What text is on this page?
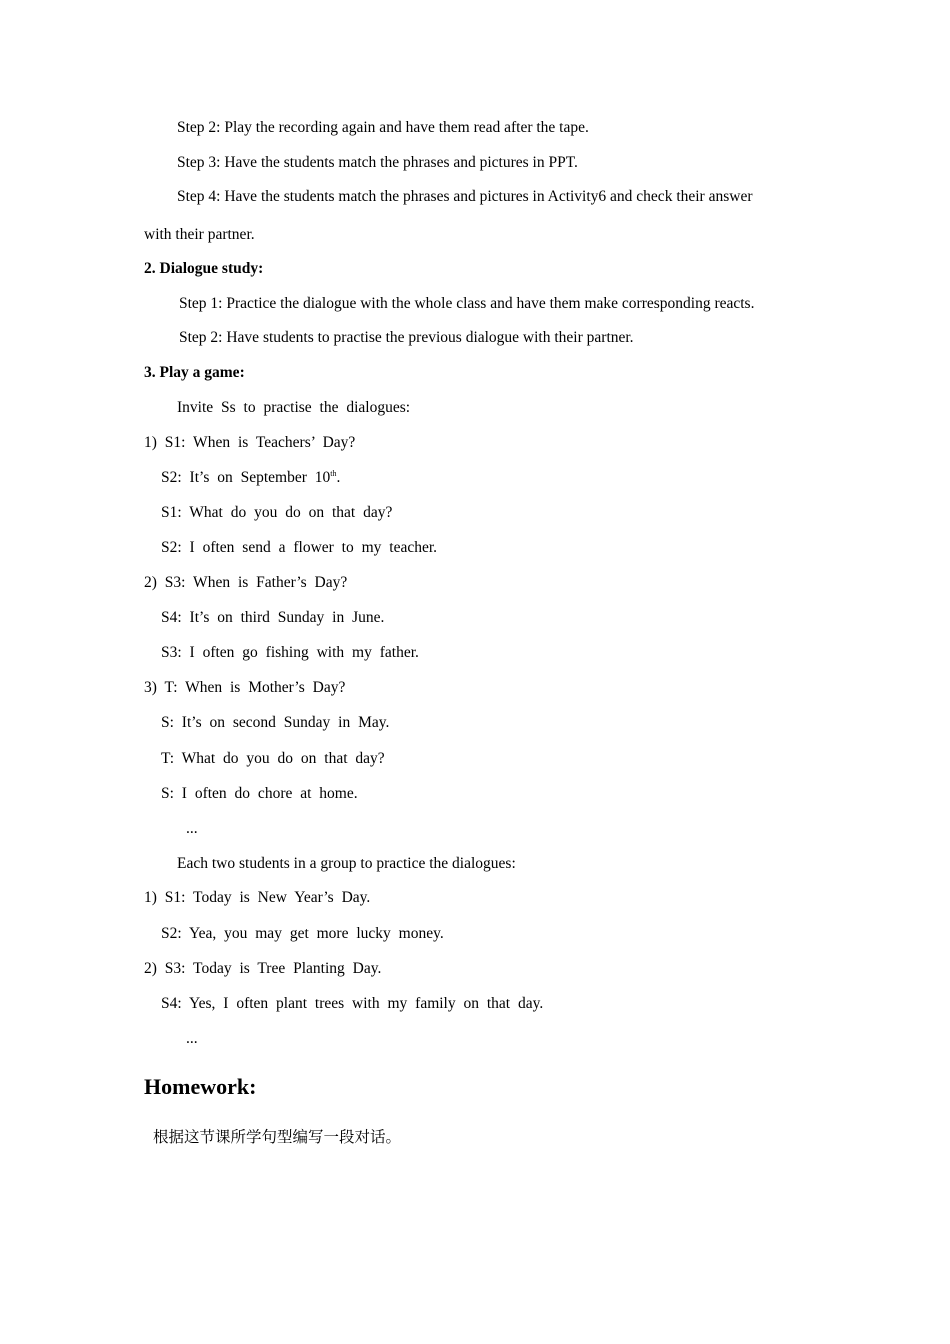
Step 2: Play the recording again and have them read after the tape.
Step 3: Have the students match the phrases and pictures in PPT.
Step 4: Have the students match the phrases and pictures in Activity6 and check their answer
with their partner.
2. Dialogue study:
Step 1: Practice the dialogue with the whole class and have them make corresponding reacts.
Step 2: Have students to practise the previous dialogue with their partner.
3. Play a game:
Invite Ss to practise the dialogues:
1) S1: When is Teachers’ Day?
S2: It’s on September 10th.
S1: What do you do on that day?
S2: I often send a flower to my teacher.
2) S3: When is Father’s Day?
S4: It’s on third Sunday in June.
S3: I often go fishing with my father.
3) T: When is Mother’s Day?
S: It’s on second Sunday in May.
T: What do you do on that day?
S: I often do chore at home.
...
Each two students in a group to practice the dialogues:
1) S1: Today is New Year’s Day.
S2: Yea, you may get more lucky money.
2) S3: Today is Tree Planting Day.
S4: Yes, I often plant trees with my family on that day.
...
Homework:
根据这节课所学句型编写一段对话。
